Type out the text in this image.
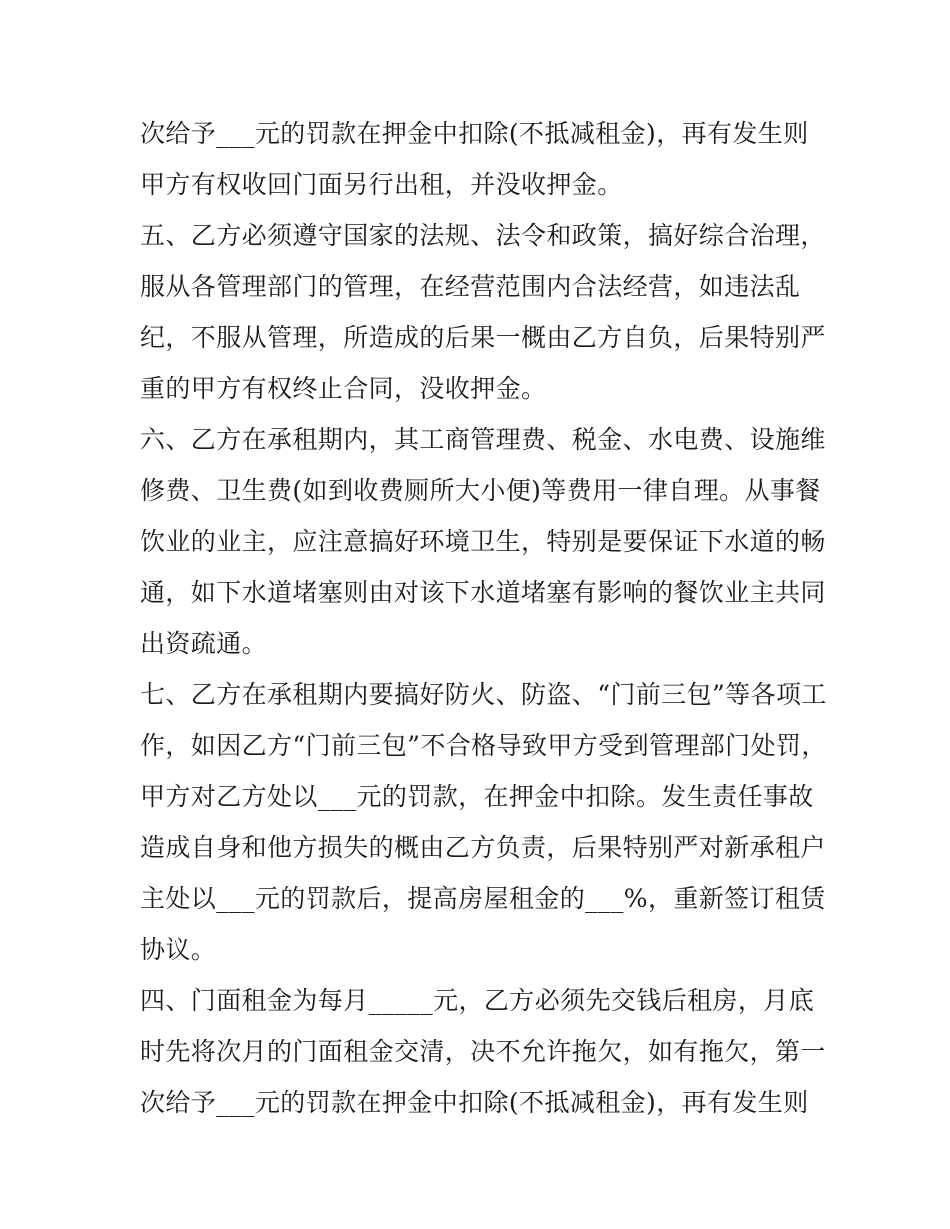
次给予___元的罚款在押金中扣除(不抵减租金)，再有发生则
甲方有权收回门面另行出租，并没收押金。
五、乙方必须遵守国家的法规、法令和政策，搞好综合治理，
服从各管理部门的管理，在经营范围内合法经营，如违法乱
纪，不服从管理，所造成的后果一概由乙方自负，后果特别严
重的甲方有权终止合同，没收押金。
六、乙方在承租期内，其工商管理费、税金、水电费、设施维
修费、卫生费(如到收费厕所大小便)等费用一律自理。从事餐
饮业的业主，应注意搞好环境卫生，特别是要保证下水道的畅
通，如下水道堵塞则由对该下水道堵塞有影响的餐饮业主共同
出资疏通。
七、乙方在承租期内要搞好防火、防盗、“门前三包”等各项工
作，如因乙方“门前三包”不合格导致甲方受到管理部门处罚，
甲方对乙方处以___元的罚款，在押金中扣除。发生责任事故
造成自身和他方损失的概由乙方负责，后果特别严对新承租户
主处以___元的罚款后，提高房屋租金的___%，重新签订租赁
协议。
四、门面租金为每月_____元，乙方必须先交钱后租房，月底
时先将次月的门面租金交清，决不允许拖欠，如有拖欠，第一
次给予___元的罚款在押金中扣除(不抵减租金)，再有发生则
